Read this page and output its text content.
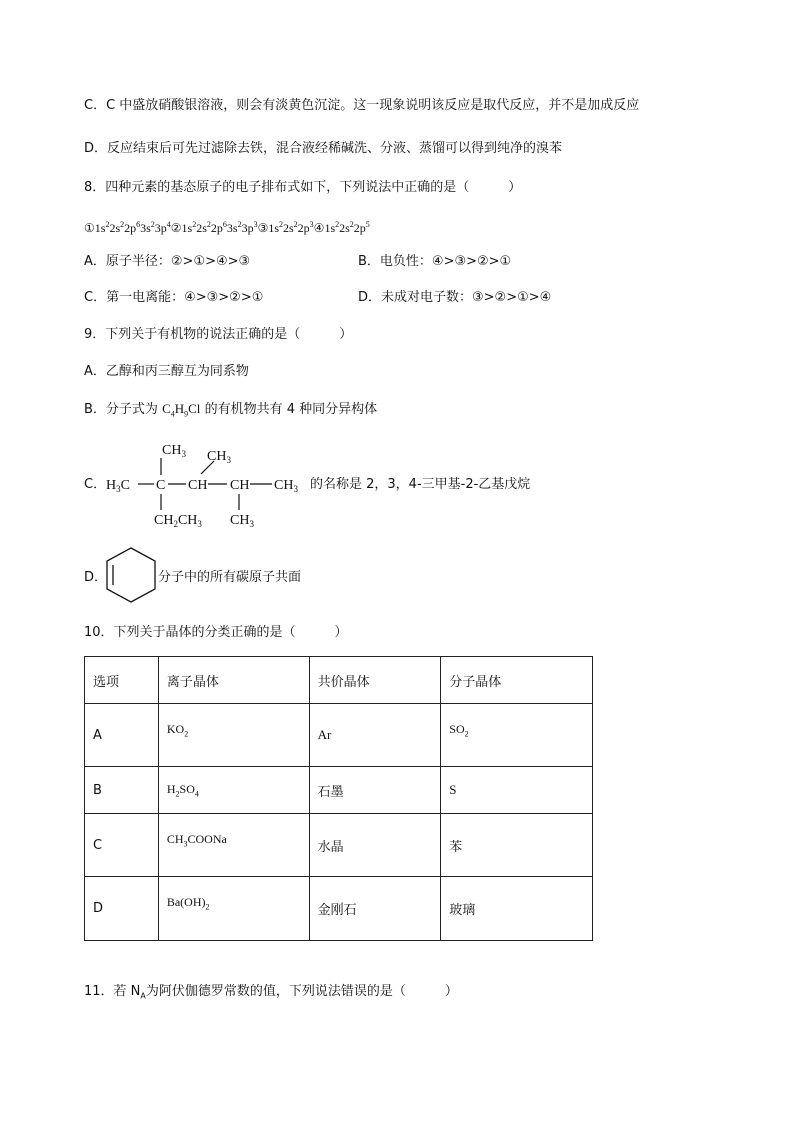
C．C 中盛放硝酸银溶液，则会有淡黄色沉淀。这一现象说明该反应是取代反应，并不是加成反应
D．反应结束后可先过滤除去铁，混合液经稀碱洗、分液、蒸馏可以得到纯净的溴苯
8．四种元素的基态原子的电子排布式如下，下列说法中正确的是（　　　）
$①1s^22s^22p^63s^23p^4②1s^22s^22p^63s^23p^3③1s^22s^22p^3④1s^22s^22p^5$
A．原子半径：②>①>④>③	B．电负性：④>③>②>①
C．第一电离能：④>③>②>①	D．未成对电子数：③>②>①>④
9．下列关于有机物的说法正确的是（　　　）
A．乙醇和丙三醇互为同系物
B．分子式为 $C_4H_9Cl$ 的有机物共有 4 种同分异构体
C．
$CH_3$ $CH_3$
$H_3C$ C CH CH $CH_3$
$CH_2CH_3$ $CH_3$
的名称是 2，3，4-三甲基-2-乙基戊烷
D．	分子中的所有碳原子共面
10．下列关于晶体的分类正确的是（　　　）
选项	离子晶体	共价晶体	分子晶体
A	$KO_2$	Ar	$SO_2$
B	$H_2SO_4$	石墨	S
C	$CH_3COONa$	水晶	苯
D	$Ba(OH)_2$	金刚石	玻璃
11．若 $N_A$为阿伏伽德罗常数的值，下列说法错误的是（　　　）
